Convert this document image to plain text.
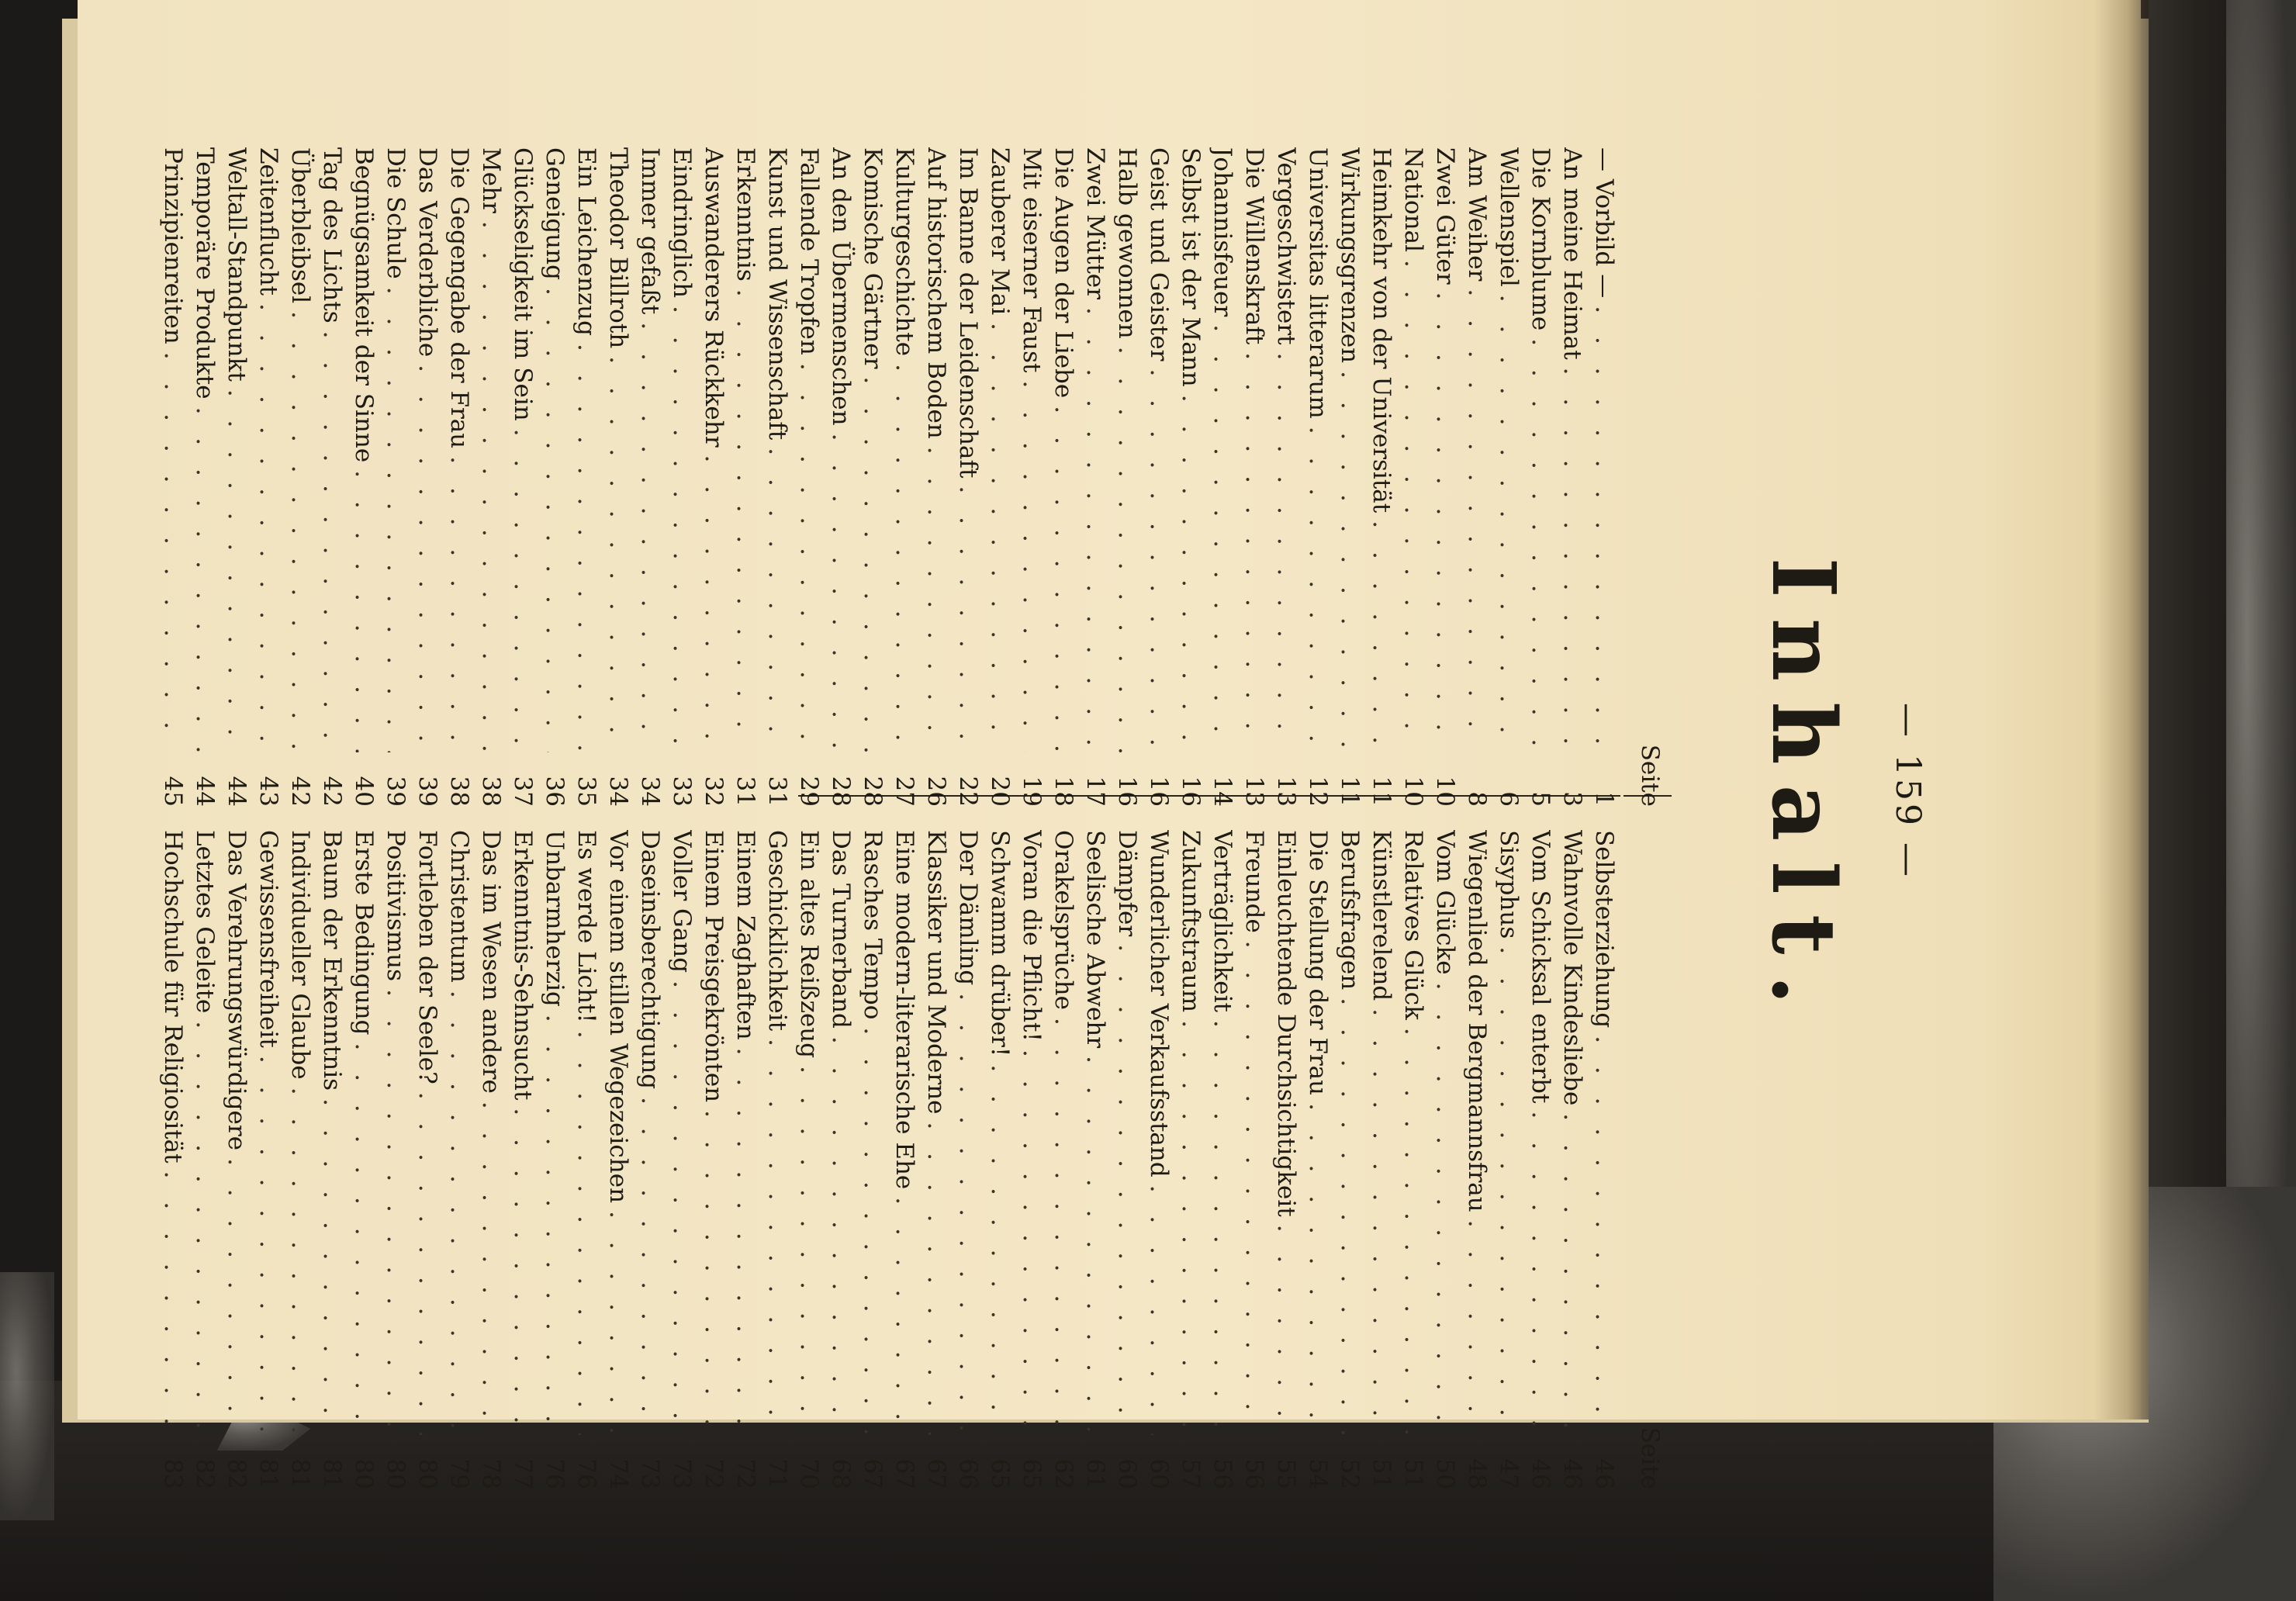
— 159 —
Inhalt.
Seite
— Vorbild —
. . .
1
An meine Heimat
. . .
3
Die Kornblume
. . .
5
Wellenspiel
. . .
6
Am Weiher
. . .
8
Zwei Güter
. . .
10
National
. . .
10
Heimkehr von der Universität
. . .
11
Wirkungsgrenzen
. . .
11
Universitas litterarum
. . .
12
Vergeschwistert
. . .
13
Die Willenskraft
. . .
13
Johannisfeuer
. . .
14
Selbst ist der Mann
. . .
16
Geist und Geister
. . .
16
Halb gewonnen
. . .
16
Zwei Mütter
. . .
17
Die Augen der Liebe
. . .
18
Mit eiserner Faust
. . .
19
Zauberer Mai
. . .
20
Im Banne der Leidenschaft
. . .
22
Auf historischem Boden
. . .
26
Kulturgeschichte
. . .
27
Komische Gärtner
. . .
28
An den Übermenschen
. . .
28
Fallende Tropfen
. . .
29
Kunst und Wissenschaft
. . .
31
Erkenntnis
. . .
31
Auswanderers Rückkehr
. . .
32
Eindringlich
. . .
33
Immer gefaßt
. . .
34
Theodor Billroth
. . .
34
Ein Leichenzug
. . .
35
Geneigung
. . .
36
Glückseligkeit im Sein
. . .
37
Mehr
. . .
38
Die Gegengabe der Frau
. . .
38
Das Verderbliche
. . .
39
Die Schule
. . .
39
Begnügsamkeit der Sinne
. . .
40
Tag des Lichts
. . .
42
Überbleibsel
. . .
42
Zeitenflucht
. . .
43
Weltall-Standpunkt
. . .
44
Temporäre Produkte
. . .
44
Prinzipienreiten
. . .
45
Seite
Selbsterziehung
. . .
46
Wahnvolle Kindesliebe
. . .
46
Vom Schicksal enterbt
. . .
46
Sisyphus
. . .
47
Wiegenlied der Bergmannsfrau
. . .
48
Vom Glücke
. . .
50
Relatives Glück
. . .
51
Künstlerelend
. . .
51
Berufsfragen
. . .
52
Die Stellung der Frau
. . .
54
Einleuchtende Durchsichtigkeit
. . .
55
Freunde
. . .
56
Verträglichkeit
. . .
56
Zukunftstraum
. . .
57
Wunderlicher Verkaufsstand
. . .
60
Dämpfer
. . .
60
Seelische Abwehr
. . .
61
Orakelsprüche
. . .
62
Voran die Pflicht!
. . .
65
Schwamm drüber!
. . .
65
Der Dämling
. . .
66
Klassiker und Moderne
. . .
67
Eine modern-literarische Ehe
. . .
67
Rasches Tempo
. . .
67
Das Turnerband
. . .
68
Ein altes Reißzeug
. . .
70
Geschicklichkeit
. . .
71
Einem Zaghaften
. . .
72
Einem Preisgekrönten
. . .
72
Voller Gang
. . .
73
Daseinsberechtigung
. . .
73
Vor einem stillen Wegezeichen
. . .
74
Es werde Licht!
. . .
76
Unbarmherzig
. . .
76
Erkenntnis-Sehnsucht
. . .
77
Das im Wesen andere
. . .
78
Christentum
. . .
79
Fortleben der Seele?
. . .
80
Positivismus
. . .
80
Erste Bedingung
. . .
80
Baum der Erkenntnis
. . .
81
Individueller Glaube
. . .
81
Gewissensfreiheit
. . .
81
Das Verehrungswürdigere
. . .
82
Letztes Geleite
. . .
82
Hochschule für Religiosität
. . .
83
